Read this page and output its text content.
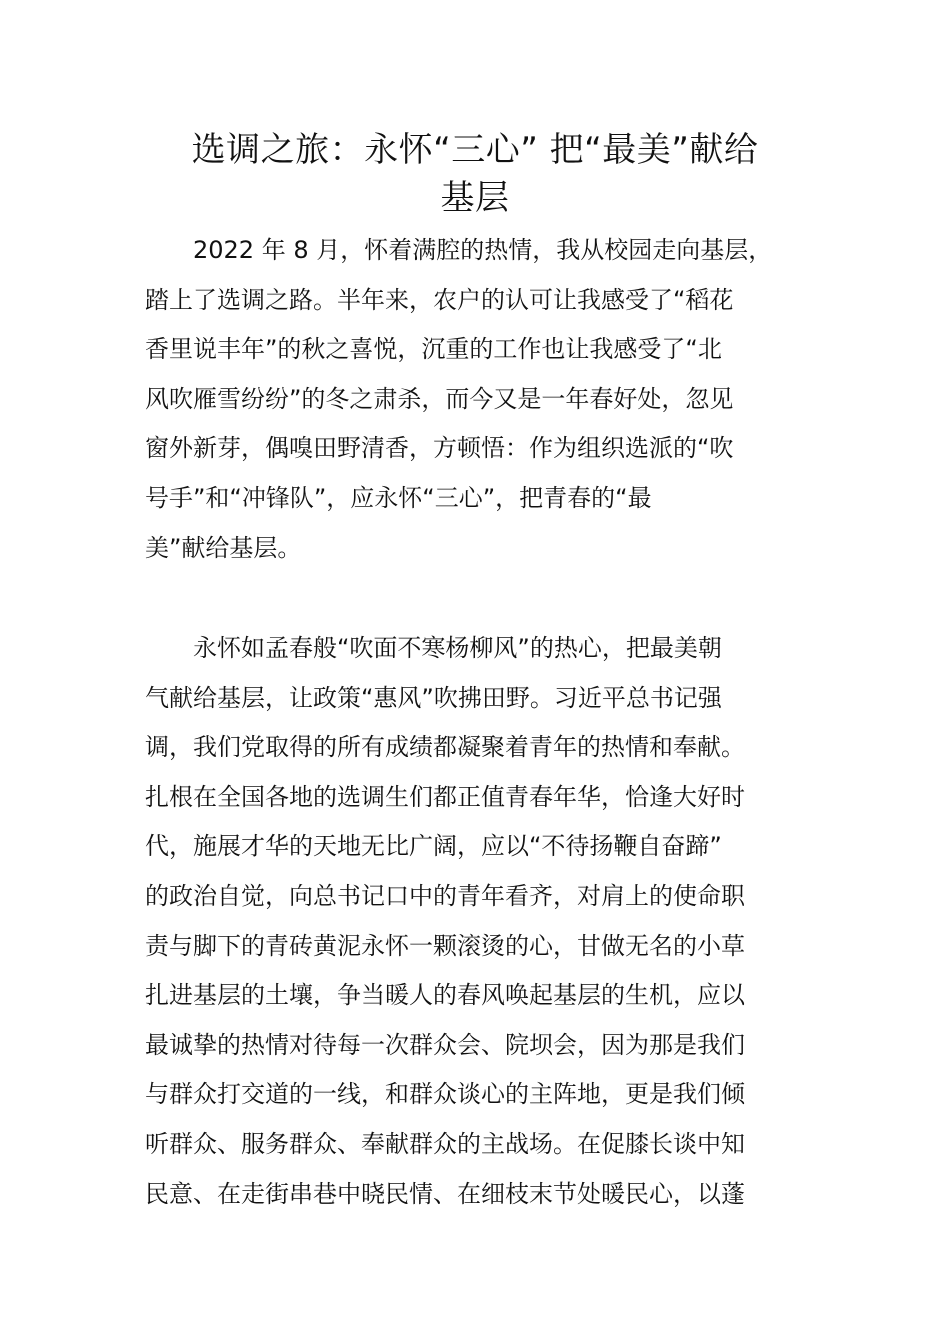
选调之旅：永怀“三心” 把“最美”献给
基层
　　2022 年 8 月，怀着满腔的热情，我从校园走向基层，
踏上了选调之路。半年来，农户的认可让我感受了“稻花
香里说丰年”的秋之喜悦，沉重的工作也让我感受了“北
风吹雁雪纷纷”的冬之肃杀，而今又是一年春好处，忽见
窗外新芽，偶嗅田野清香，方顿悟：作为组织选派的“吹
号手”和“冲锋队”，应永怀“三心”，把青春的“最
美”献给基层。
　　永怀如孟春般“吹面不寒杨柳风”的热心，把最美朝
气献给基层，让政策“惠风”吹拂田野。习近平总书记强
调，我们党取得的所有成绩都凝聚着青年的热情和奉献。
扎根在全国各地的选调生们都正值青春年华，恰逢大好时
代，施展才华的天地无比广阔，应以“不待扬鞭自奋蹄”
的政治自觉，向总书记口中的青年看齐，对肩上的使命职
责与脚下的青砖黄泥永怀一颗滚烫的心，甘做无名的小草
扎进基层的土壤，争当暖人的春风唤起基层的生机，应以
最诚挚的热情对待每一次群众会、院坝会，因为那是我们
与群众打交道的一线，和群众谈心的主阵地，更是我们倾
听群众、服务群众、奉献群众的主战场。在促膝长谈中知
民意、在走街串巷中晓民情、在细枝末节处暖民心，以蓬
